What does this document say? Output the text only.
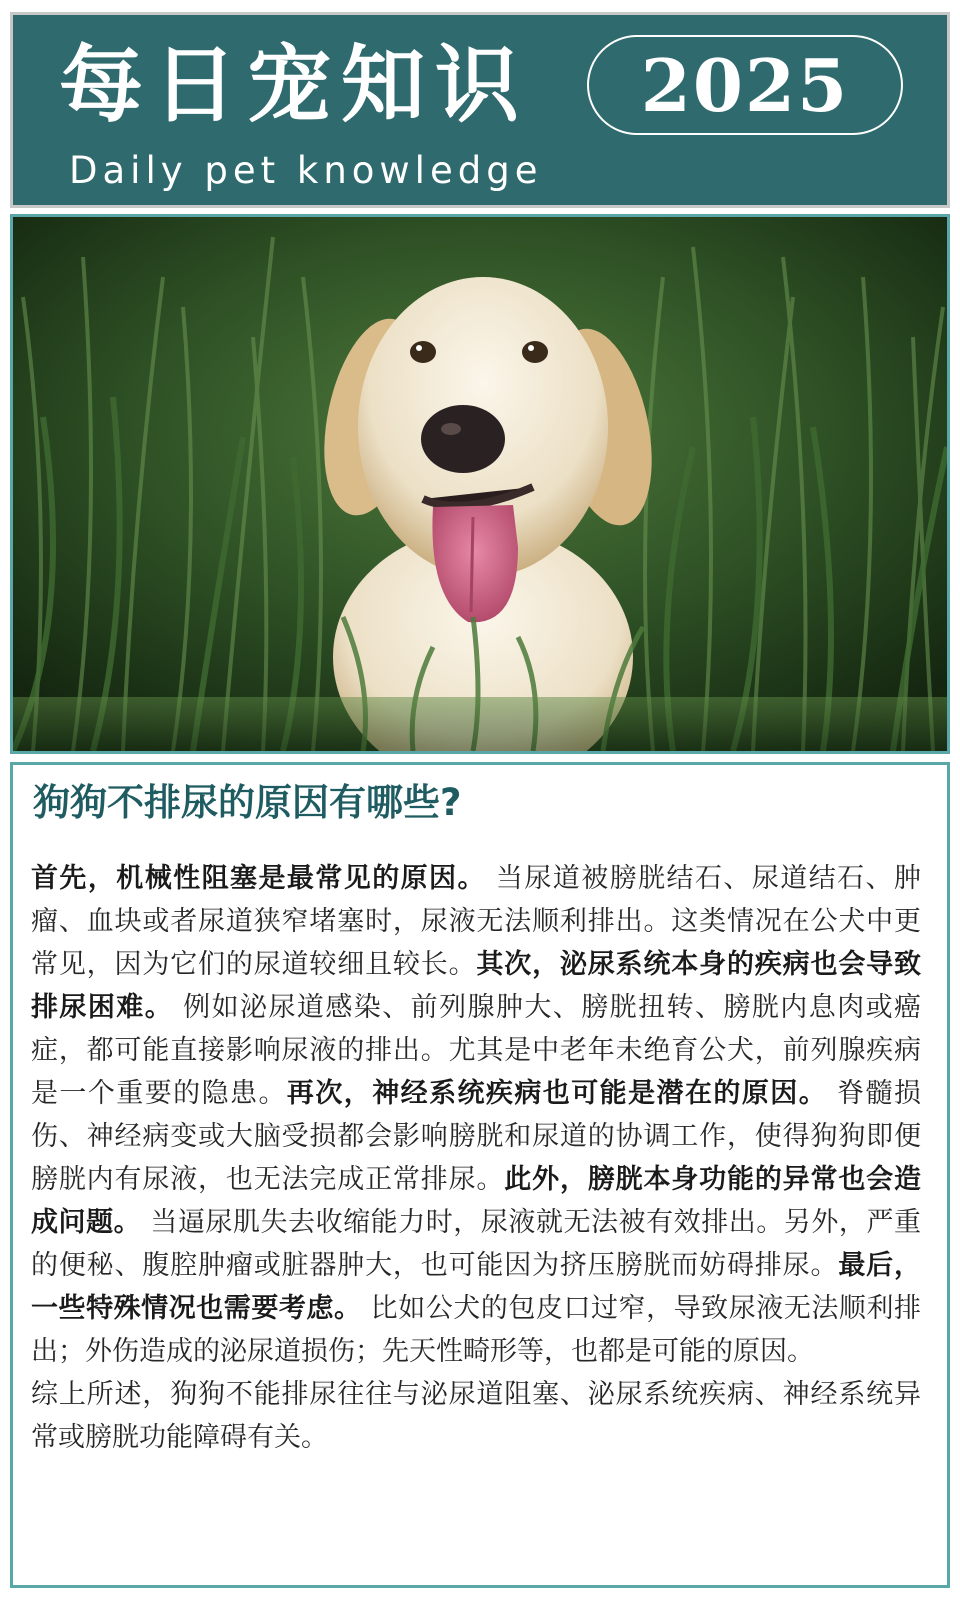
每日宠知识 2025
Daily pet knowledge
狗狗不排尿的原因有哪些?

首先，机械性阻塞是最常见的原因。 当尿道被膀胱结石、尿道结石、肿瘤、血块或者尿道狭窄堵塞时，尿液无法顺利排出。这类情况在公犬中更常见，因为它们的尿道较细且较长。其次，泌尿系统本身的疾病也会导致排尿困难。 例如泌尿道感染、前列腺肿大、膀胱扭转、膀胱内息肉或癌症，都可能直接影响尿液的排出。尤其是中老年未绝育公犬，前列腺疾病是一个重要的隐患。再次，神经系统疾病也可能是潜在的原因。 脊髓损伤、神经病变或大脑受损都会影响膀胱和尿道的协调工作，使得狗狗即便膀胱内有尿液，也无法完成正常排尿。此外，膀胱本身功能的异常也会造成问题。 当逼尿肌失去收缩能力时，尿液就无法被有效排出。另外，严重的便秘、腹腔肿瘤或脏器肿大，也可能因为挤压膀胱而妨碍排尿。最后，一些特殊情况也需要考虑。 比如公犬的包皮口过窄，导致尿液无法顺利排出；外伤造成的泌尿道损伤；先天性畸形等，也都是可能的原因。

综上所述，狗狗不能排尿往往与泌尿道阻塞、泌尿系统疾病、神经系统异常或膀胱功能障碍有关。
